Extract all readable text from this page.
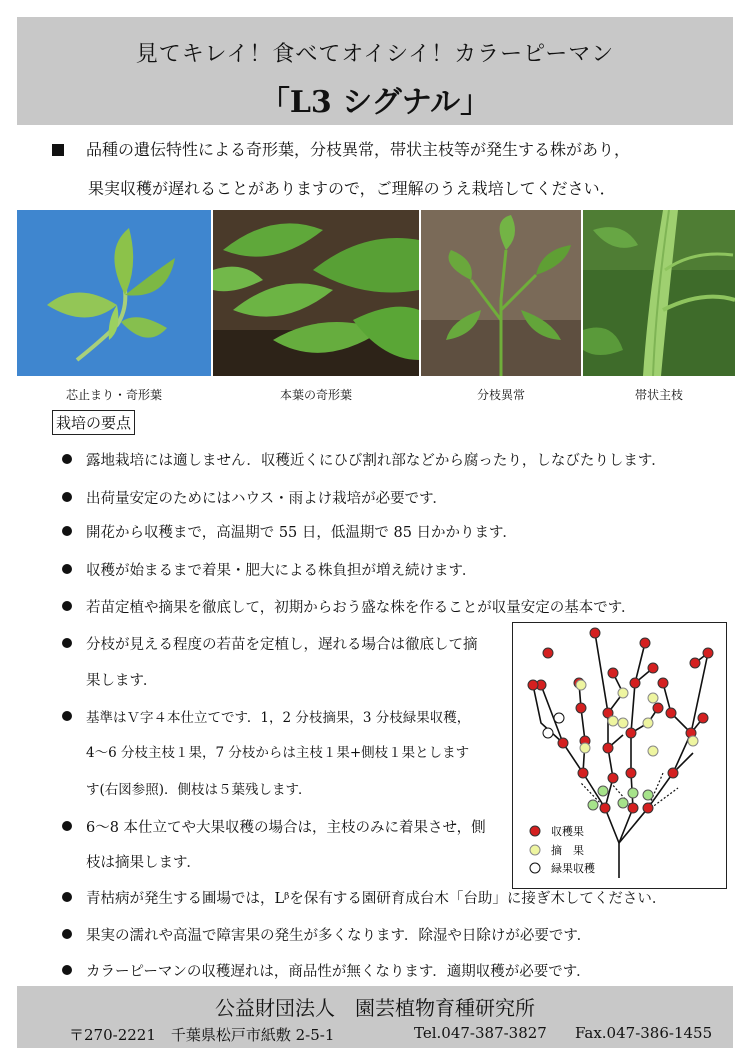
見てキレイ！食べてオイシイ！カラーピーマン
「L3 シグナル」
品種の遺伝特性による奇形葉，分枝異常，帯状主枝等が発生する株があり，
果実収穫が遅れることがありますので，ご理解のうえ栽培してください．
芯止まり・奇形葉	本葉の奇形葉	分枝異常	帯状主枝
栽培の要点
露地栽培には適しません．収穫近くにひび割れ部などから腐ったり，しなびたりします．
出荷量安定のためにはハウス・雨よけ栽培が必要です．
開花から収穫まで，高温期で 55 日，低温期で 85 日かかります．
収穫が始まるまで着果・肥大による株負担が増え続けます．
若苗定植や摘果を徹底して，初期からおう盛な株を作ることが収量安定の基本です．
分枝が見える程度の若苗を定植し，遅れる場合は徹底して摘
果します．
基準はＶ字４本仕立てです．1，2 分枝摘果，3 分枝緑果収穫，
4～6 分枝主枝１果，7 分枝からは主枝１果+側枝１果とします
す(右図参照)．側枝は５葉残します．
6～8 本仕立てや大果収穫の場合は，主枝のみに着果させ，側
枝は摘果します．
青枯病が発生する圃場では，Lᵝを保有する園研育成台木「台助」に接ぎ木してください．
果実の濡れや高温で障害果の発生が多くなります．除湿や日除けが必要です．
カラーピーマンの収穫遅れは，商品性が無くなります．適期収穫が必要です．
収穫果
摘　果
緑果収穫
公益財団法人　園芸植物育種研究所
〒270-2221　千葉県松戸市紙敷 2-5-1	Tel.047-387-3827 Fax.047-386-1455
